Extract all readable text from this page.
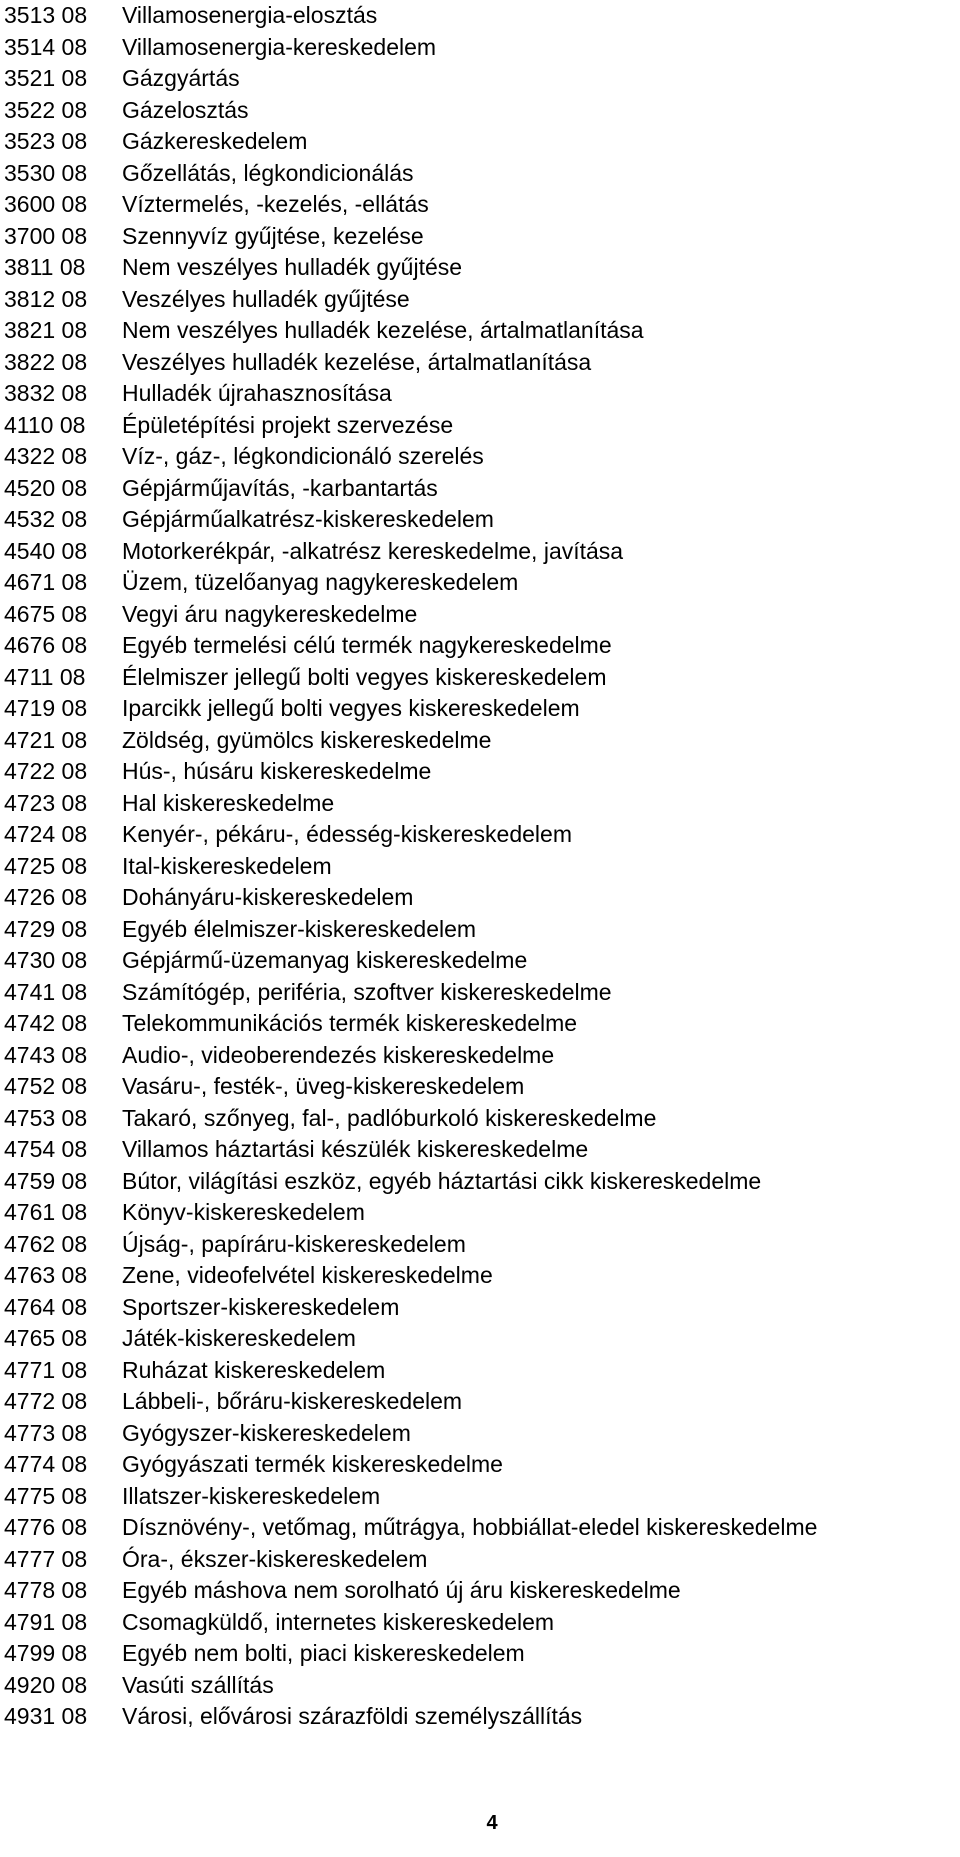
3513 08	Villamosenergia-elosztás
3514 08	Villamosenergia-kereskedelem
3521 08	Gázgyártás
3522 08	Gázelosztás
3523 08	Gázkereskedelem
3530 08	Gőzellátás, légkondicionálás
3600 08	Víztermelés, -kezelés, -ellátás
3700 08	Szennyvíz gyűjtése, kezelése
3811 08	Nem veszélyes hulladék gyűjtése
3812 08	Veszélyes hulladék gyűjtése
3821 08	Nem veszélyes hulladék kezelése, ártalmatlanítása
3822 08	Veszélyes hulladék kezelése, ártalmatlanítása
3832 08	Hulladék újrahasznosítása
4110 08	Épületépítési projekt szervezése
4322 08	Víz-, gáz-, légkondicionáló szerelés
4520 08	Gépjárműjavítás, -karbantartás
4532 08	Gépjárműalkatrész-kiskereskedelem
4540 08	Motorkerékpár, -alkatrész kereskedelme, javítása
4671 08	Üzem, tüzelőanyag nagykereskedelem
4675 08	Vegyi áru nagykereskedelme
4676 08	Egyéb termelési célú termék nagykereskedelme
4711 08	Élelmiszer jellegű bolti vegyes kiskereskedelem
4719 08	Iparcikk jellegű bolti vegyes kiskereskedelem
4721 08	Zöldség, gyümölcs kiskereskedelme
4722 08	Hús-, húsáru kiskereskedelme
4723 08	Hal kiskereskedelme
4724 08	Kenyér-, pékáru-, édesség-kiskereskedelem
4725 08	Ital-kiskereskedelem
4726 08	Dohányáru-kiskereskedelem
4729 08	Egyéb élelmiszer-kiskereskedelem
4730 08	Gépjármű-üzemanyag kiskereskedelme
4741 08	Számítógép, periféria, szoftver kiskereskedelme
4742 08	Telekommunikációs termék kiskereskedelme
4743 08	Audio-, videoberendezés kiskereskedelme
4752 08	Vasáru-, festék-, üveg-kiskereskedelem
4753 08	Takaró, szőnyeg, fal-, padlóburkoló kiskereskedelme
4754 08	Villamos háztartási készülék kiskereskedelme
4759 08	Bútor, világítási eszköz, egyéb háztartási cikk kiskereskedelme
4761 08	Könyv-kiskereskedelem
4762 08	Újság-, papíráru-kiskereskedelem
4763 08	Zene, videofelvétel kiskereskedelme
4764 08	Sportszer-kiskereskedelem
4765 08	Játék-kiskereskedelem
4771 08	Ruházat kiskereskedelem
4772 08	Lábbeli-, bőráru-kiskereskedelem
4773 08	Gyógyszer-kiskereskedelem
4774 08	Gyógyászati termék kiskereskedelme
4775 08	Illatszer-kiskereskedelem
4776 08	Dísznövény-, vetőmag, műtrágya, hobbiállat-eledel kiskereskedelme
4777 08	Óra-, ékszer-kiskereskedelem
4778 08	Egyéb máshova nem sorolható új áru kiskereskedelme
4791 08	Csomagküldő, internetes kiskereskedelem
4799 08	Egyéb nem bolti, piaci kiskereskedelem
4920 08	Vasúti szállítás
4931 08	Városi, elővárosi szárazföldi személyszállítás
4
